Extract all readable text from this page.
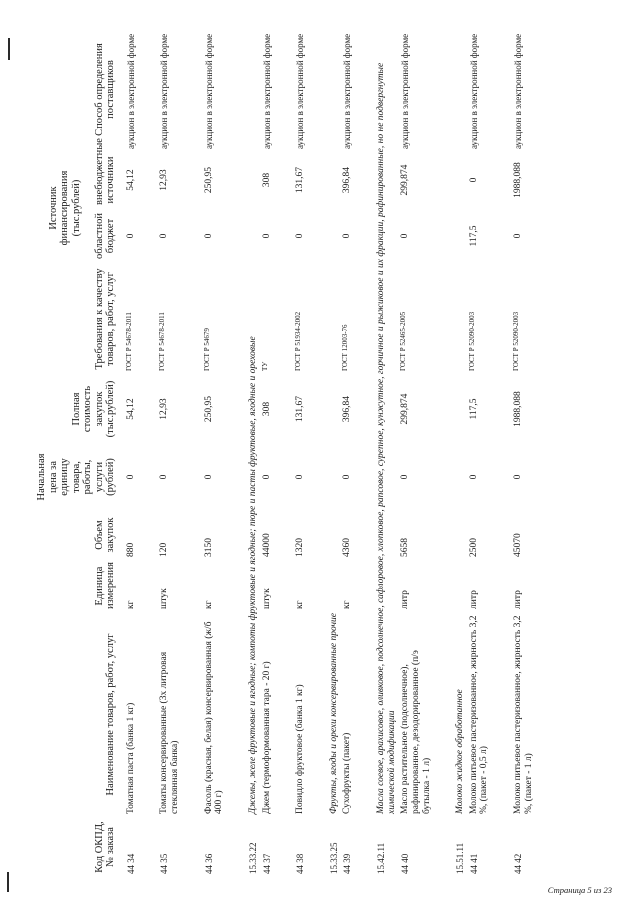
Код ОКПД, № заказа	Наименование товаров, работ, услуг	Единица измерения	Объем закупок	Начальная цена за единицу товара, работы, услуги (рублей)	Полная стоимость закупок (тыс.рублей)	Требования к качеству товаров, работ, услуг	Источник финансирования (тыс.рублей)		Способ определения поставщиков
							областной бюджет	внебюджетные источники	
44 34	Томатная паста (банка 1 кг)	кг	880	0	54,12	ГОСТ Р 54678-2011	0	54,12	аукцион в электронной форме
44 35	Томаты консервированные (3х литровая стеклянная банка)	штук	120	0	12,93	ГОСТ Р 54678-2011	0	12,93	аукцион в электронной форме
44 36	Фасоль (красная, белая) консервированная (ж/б 400 г)	кг	3150	0	250,95	ГОСТ Р 54679	0	250,95	аукцион в электронной форме
15.33.22	Джемы, желе фруктовые и ягодные; компоты фруктовые и ягодные; пюре и пасты фруктовые, ягодные и ореховые								
44 37	Джем (термоформованная тара - 20 г)	штук	44000	0	308	ТУ	0	308	аукцион в электронной форме
44 38	Повидло фруктовое (банка 1 кг)	кг	1320	0	131,67	ГОСТ Р 51934-2002	0	131,67	аукцион в электронной форме
15.33.25	Фрукты, ягоды и орехи консервированные прочие								
44 39	Сухофрукты (пакет)	кг	4360	0	396,84	ГОСТ 12003-76	0	396,84	аукцион в электронной форме
15.42.11	Масла соевое, арахисовое, оливковое, подсолнечное, сафлоровое, хлопковое, рапсовое, сурепное, кунжутное, горчичное и рыжиковое и их фракции, рафинированные, но не подвергнутые химической модификации								
44 40	Масло растительное (подсолнечное), рафинированное, дезодорированное (п/э бутылка - 1 л)	литр	5658	0	299,874	ГОСТ Р 52465-2005	0	299,874	аукцион в электронной форме
15.51.11	Молоко жидкое обработанное								
44 41	Молоко питьевое пастеризованное, жирность 3,2 %, (пакет - 0,5 л)	литр	2500	0	117,5	ГОСТ Р 52090-2003	117,5	0	аукцион в электронной форме
44 42	Молоко питьевое пастеризованное, жирность 3,2 %, (пакет - 1 л)	литр	45070	0	1988,088	ГОСТ Р 52090-2003	0	1988,088	аукцион в электронной форме
Страница 5 из 23
